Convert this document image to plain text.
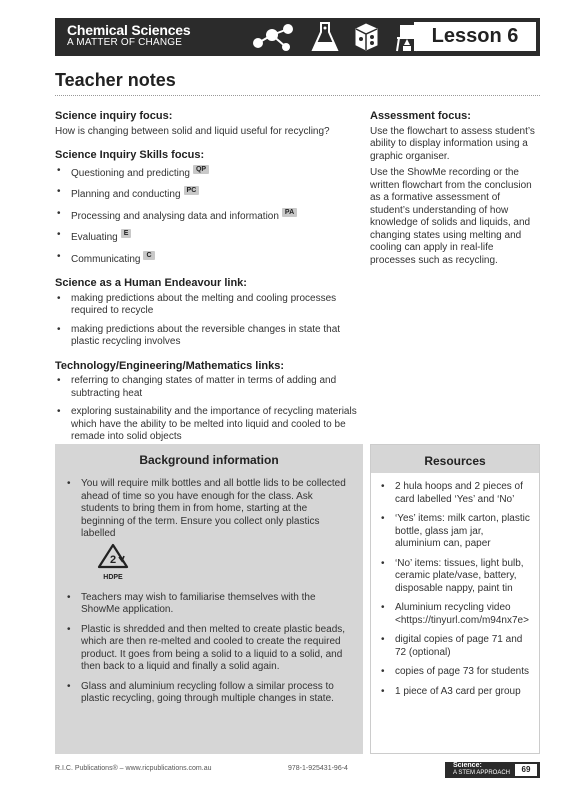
Chemical Sciences
A MATTER OF CHANGE	Lesson 6
Teacher notes
Science inquiry focus:

How is changing between solid and liquid useful for recycling?

Science Inquiry Skills focus:
• Questioning and predicting QP
• Planning and conducting PC
• Processing and analysing data and information PA
• Evaluating E
• Communicating C
Science as a Human Endeavour link:
• making predictions about the melting and cooling processes required to recycle
• making predictions about the reversible changes in state that plastic recycling involves
Technology/Engineering/Mathematics links:
• referring to changing states of matter in terms of adding and subtracting heat
• exploring sustainability and the importance of recycling materials which have the ability to be melted into liquid and cooled to be remade into solid objects
Assessment focus:

Use the flowchart to assess student’s ability to display information using a graphic organiser.

Use the ShowMe recording or the written flowchart from the conclusion as a formative assessment of student’s understanding of how knowledge of solids and liquids, and changing states using melting and cooling can apply in real-life processes such as recycling.

Background information
• You will require milk bottles and all bottle lids to be collected ahead of time so you have enough for the class. Ask students to bring them in from home, starting at the beginning of the term. Ensure you collect only plastics labelled
2
HDPE
• Teachers may wish to familiarise themselves with the ShowMe application.
• Plastic is shredded and then melted to create plastic beads, which are then re-melted and cooled to create the required product. It goes from being a solid to a liquid to a solid, and then back to a liquid and finally a solid again.
• Glass and aluminium recycling follow a similar process to plastic recycling, going through multiple changes in state.
Resources
• 2 hula hoops and 2 pieces of card labelled ‘Yes’ and ‘No’
• ‘Yes’ items: milk carton, plastic bottle, glass jam jar, aluminium can, paper
• ‘No’ items: tissues, light bulb, ceramic plate/vase, battery, disposable nappy, paint tin
• Aluminium recycling video <https://tinyurl.com/m94nx7e>
• digital copies of page 71 and 72 (optional)
• copies of page 73 for students
• 1 piece of A3 card per group
R.I.C. Publications® – www.ricpublications.com.au	978-1-925431-96-4	Science:
A STEM APPROACH	69
